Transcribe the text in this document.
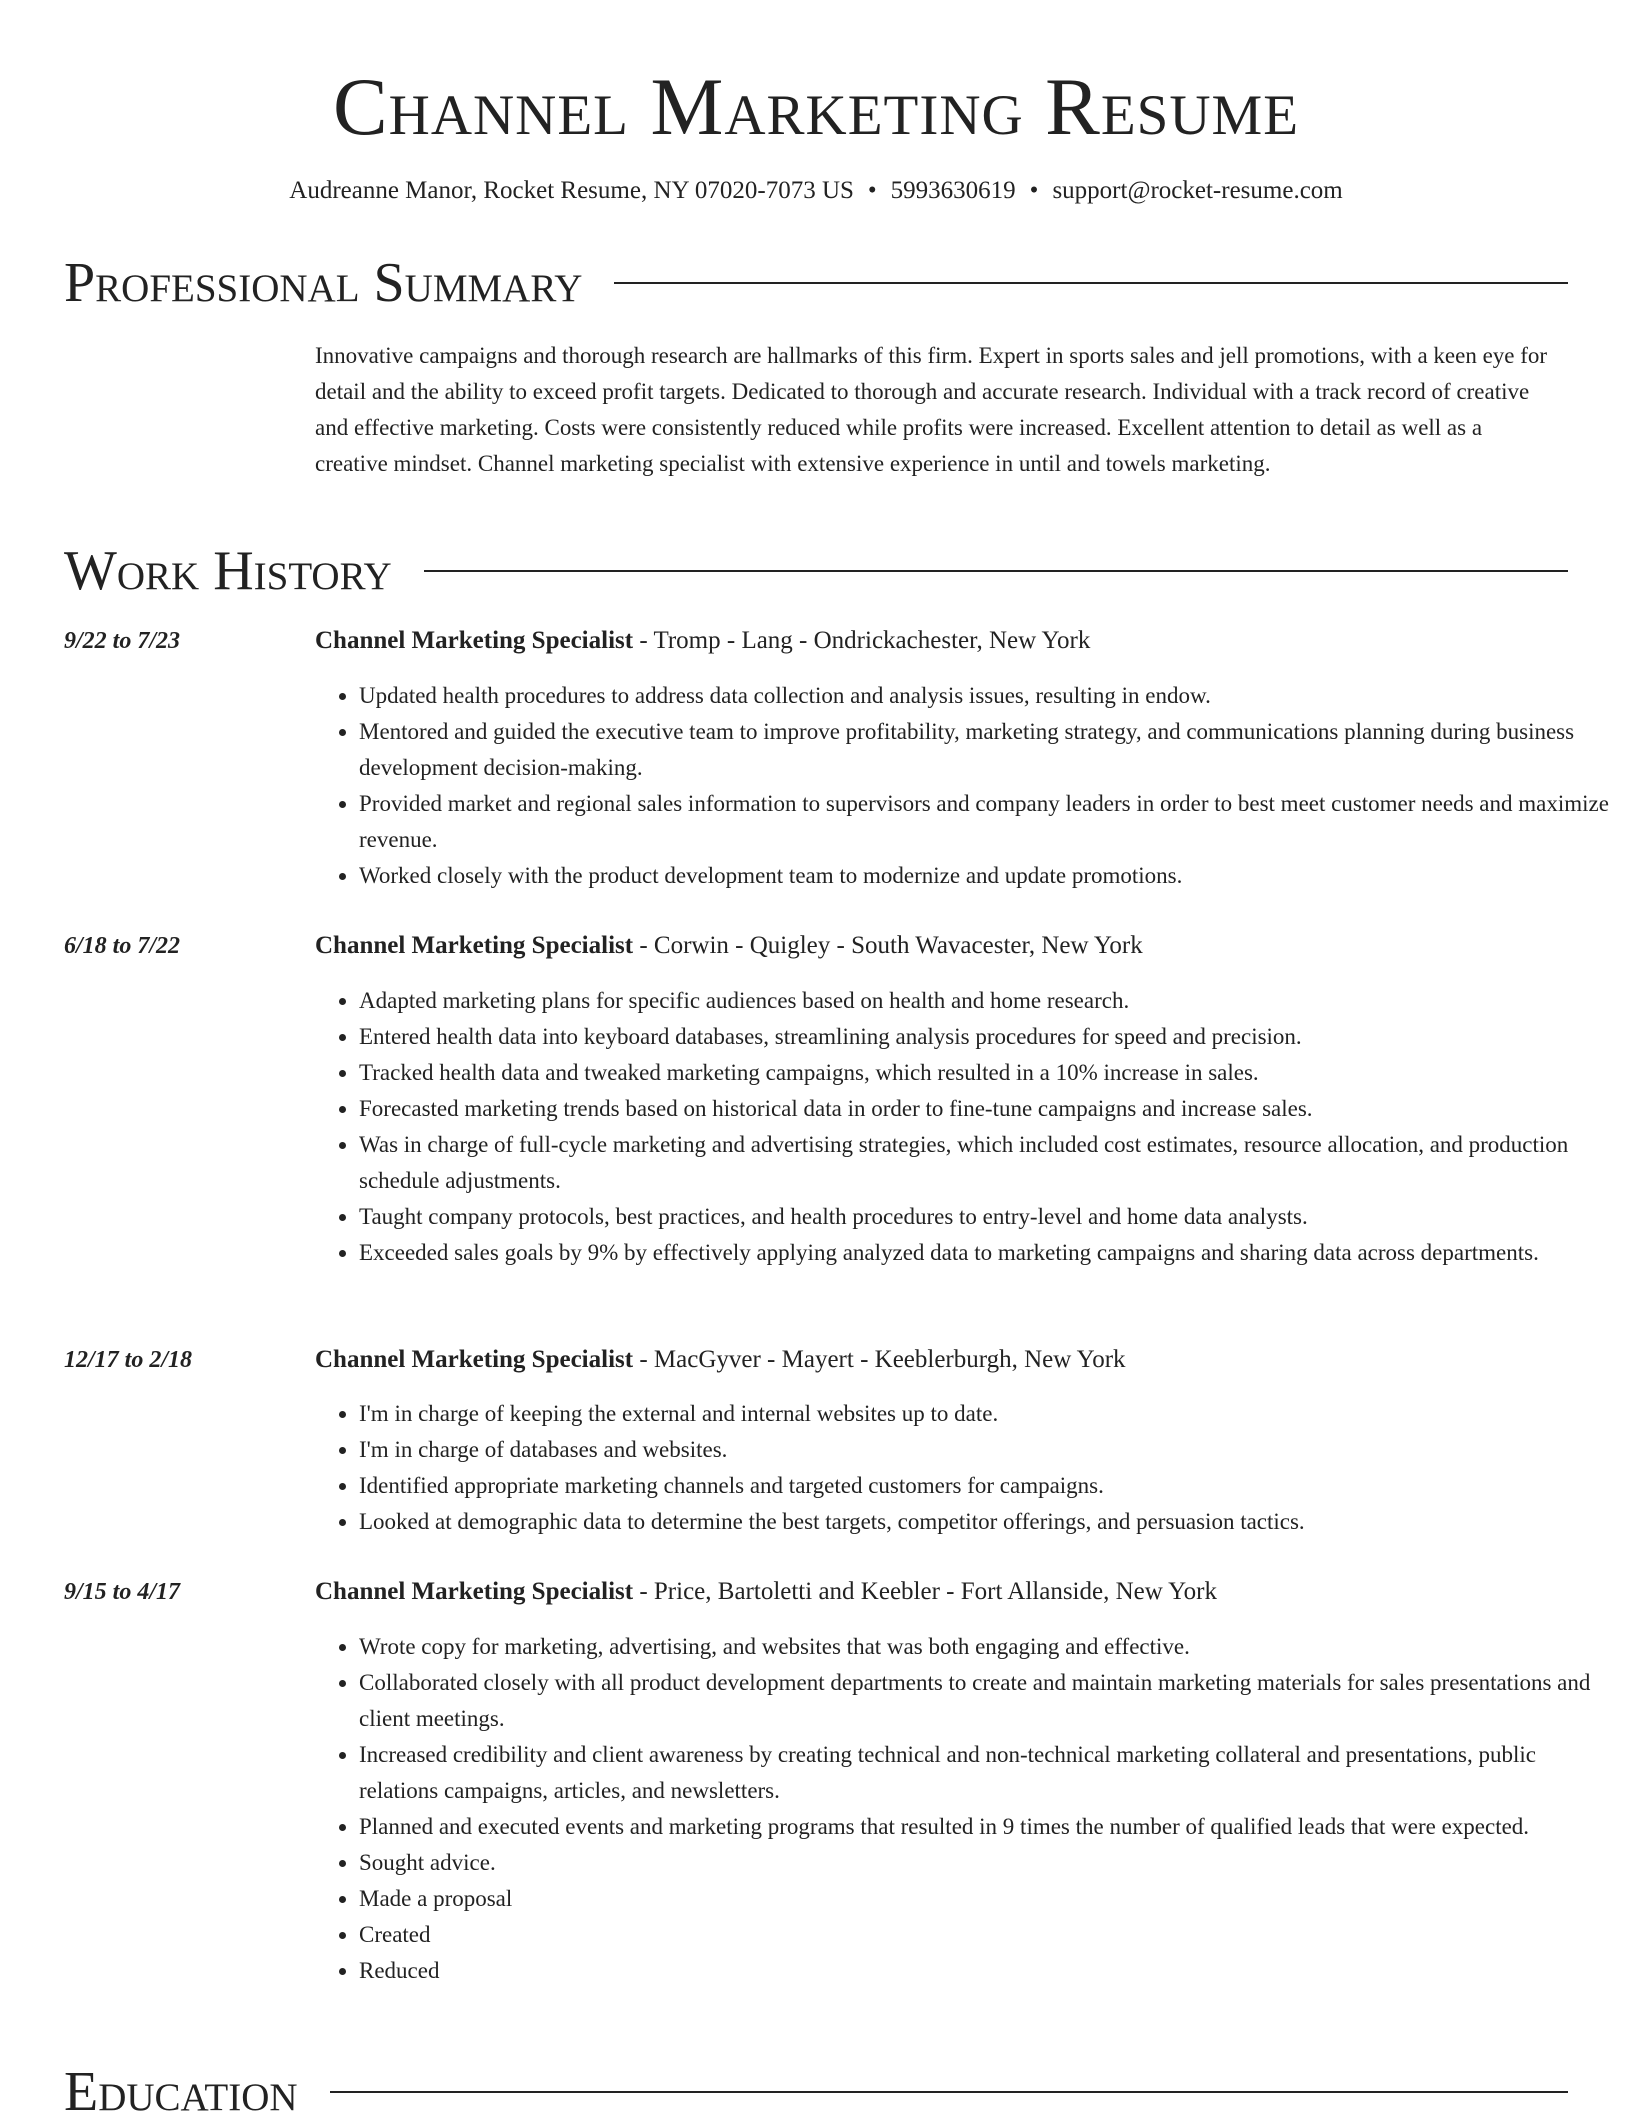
Channel Marketing Resume
Audreanne Manor, Rocket Resume, NY 07020-7073 US • 5993630619 • support@rocket-resume.com
Professional Summary

Innovative campaigns and thorough research are hallmarks of this firm. Expert in sports sales and jell promotions, with a keen eye for detail and the ability to exceed profit targets. Dedicated to thorough and accurate research. Individual with a track record of creative and effective marketing. Costs were consistently reduced while profits were increased. Excellent attention to detail as well as a creative mindset. Channel marketing specialist with extensive experience in until and towels marketing.

Work History
9/22 to 7/23	Channel Marketing Specialist - Tromp - Lang - Ondrickachester, New York
• Updated health procedures to address data collection and analysis issues, resulting in endow.
• Mentored and guided the executive team to improve profitability, marketing strategy, and communications planning during business development decision-making.
• Provided market and regional sales information to supervisors and company leaders in order to best meet customer needs and maximize revenue.
• Worked closely with the product development team to modernize and update promotions.
6/18 to 7/22	Channel Marketing Specialist - Corwin - Quigley - South Wavacester, New York
• Adapted marketing plans for specific audiences based on health and home research.
• Entered health data into keyboard databases, streamlining analysis procedures for speed and precision.
• Tracked health data and tweaked marketing campaigns, which resulted in a 10% increase in sales.
• Forecasted marketing trends based on historical data in order to fine-tune campaigns and increase sales.
• Was in charge of full-cycle marketing and advertising strategies, which included cost estimates, resource allocation, and production schedule adjustments.
• Taught company protocols, best practices, and health procedures to entry-level and home data analysts.
• Exceeded sales goals by 9% by effectively applying analyzed data to marketing campaigns and sharing data across departments.
12/17 to 2/18	Channel Marketing Specialist - MacGyver - Mayert - Keeblerburgh, New York
• I'm in charge of keeping the external and internal websites up to date.
• I'm in charge of databases and websites.
• Identified appropriate marketing channels and targeted customers for campaigns.
• Looked at demographic data to determine the best targets, competitor offerings, and persuasion tactics.
9/15 to 4/17	Channel Marketing Specialist - Price, Bartoletti and Keebler - Fort Allanside, New York
• Wrote copy for marketing, advertising, and websites that was both engaging and effective.
• Collaborated closely with all product development departments to create and maintain marketing materials for sales presentations and client meetings.
• Increased credibility and client awareness by creating technical and non-technical marketing collateral and presentations, public relations campaigns, articles, and newsletters.
• Planned and executed events and marketing programs that resulted in 9 times the number of qualified leads that were expected.
• Sought advice.
• Made a proposal
• Created
• Reduced
Education
